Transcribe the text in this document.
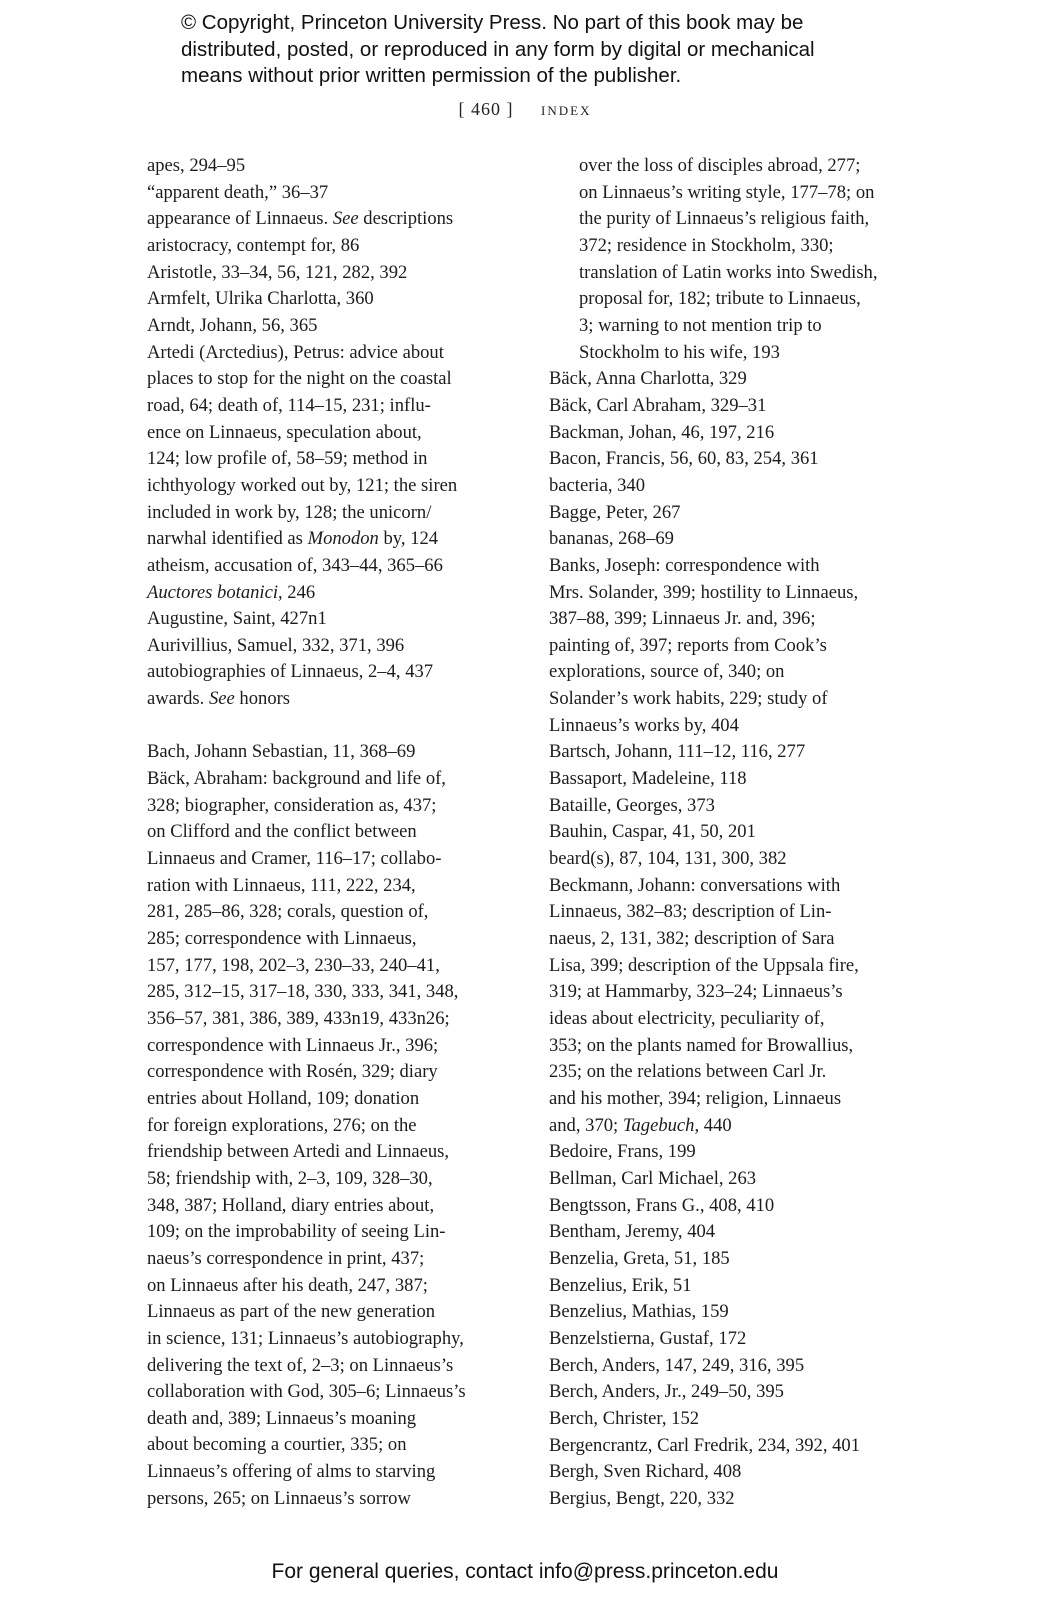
© Copyright, Princeton University Press. No part of this book may be
distributed, posted, or reproduced in any form by digital or mechanical
means without prior written permission of the publisher.
[ 460 ] index
apes, 294–95
“apparent death,” 36–37
appearance of Linnaeus. See descriptions
aristocracy, contempt for, 86
Aristotle, 33–34, 56, 121, 282, 392
Armfelt, Ulrika Charlotta, 360
Arndt, Johann, 56, 365
Artedi (Arctedius), Petrus: advice about
places to stop for the night on the coastal
road, 64; death of, 114–15, 231; influ-
ence on Linnaeus, speculation about,
124; low profile of, 58–59; method in
ichthyology worked out by, 121; the siren
included in work by, 128; the unicorn/
narwhal identified as Monodon by, 124
atheism, accusation of, 343–44, 365–66
Auctores botanici, 246
Augustine, Saint, 427n1
Aurivillius, Samuel, 332, 371, 396
autobiographies of Linnaeus, 2–4, 437
awards. See honors
Bach, Johann Sebastian, 11, 368–69
Bäck, Abraham: background and life of,
328; biographer, consideration as, 437;
on Clifford and the conflict between
Linnaeus and Cramer, 116–17; collabo-
ration with Linnaeus, 111, 222, 234,
281, 285–86, 328; corals, question of,
285; correspondence with Linnaeus,
157, 177, 198, 202–3, 230–33, 240–41,
285, 312–15, 317–18, 330, 333, 341, 348,
356–57, 381, 386, 389, 433n19, 433n26;
correspondence with Linnaeus Jr., 396;
correspondence with Rosén, 329; diary
entries about Holland, 109; donation
for foreign explorations, 276; on the
friendship between Artedi and Linnaeus,
58; friendship with, 2–3, 109, 328–30,
348, 387; Holland, diary entries about,
109; on the improbability of seeing Lin-
naeus’s correspondence in print, 437;
on Linnaeus after his death, 247, 387;
Linnaeus as part of the new generation
in science, 131; Linnaeus’s autobiography,
delivering the text of, 2–3; on Linnaeus’s
collaboration with God, 305–6; Linnaeus’s
death and, 389; Linnaeus’s moaning
about becoming a courtier, 335; on
Linnaeus’s offering of alms to starving
persons, 265; on Linnaeus’s sorrow
over the loss of disciples abroad, 277;
on Linnaeus’s writing style, 177–78; on
the purity of Linnaeus’s religious faith,
372; residence in Stockholm, 330;
translation of Latin works into Swedish,
proposal for, 182; tribute to Linnaeus,
3; warning to not mention trip to
Stockholm to his wife, 193
Bäck, Anna Charlotta, 329
Bäck, Carl Abraham, 329–31
Backman, Johan, 46, 197, 216
Bacon, Francis, 56, 60, 83, 254, 361
bacteria, 340
Bagge, Peter, 267
bananas, 268–69
Banks, Joseph: correspondence with
Mrs. Solander, 399; hostility to Linnaeus,
387–88, 399; Linnaeus Jr. and, 396;
painting of, 397; reports from Cook’s
explorations, source of, 340; on
Solander’s work habits, 229; study of
Linnaeus’s works by, 404
Bartsch, Johann, 111–12, 116, 277
Bassaport, Madeleine, 118
Bataille, Georges, 373
Bauhin, Caspar, 41, 50, 201
beard(s), 87, 104, 131, 300, 382
Beckmann, Johann: conversations with
Linnaeus, 382–83; description of Lin-
naeus, 2, 131, 382; description of Sara
Lisa, 399; description of the Uppsala fire,
319; at Hammarby, 323–24; Linnaeus’s
ideas about electricity, peculiarity of,
353; on the plants named for Browallius,
235; on the relations between Carl Jr.
and his mother, 394; religion, Linnaeus
and, 370; Tagebuch, 440
Bedoire, Frans, 199
Bellman, Carl Michael, 263
Bengtsson, Frans G., 408, 410
Bentham, Jeremy, 404
Benzelia, Greta, 51, 185
Benzelius, Erik, 51
Benzelius, Mathias, 159
Benzelstierna, Gustaf, 172
Berch, Anders, 147, 249, 316, 395
Berch, Anders, Jr., 249–50, 395
Berch, Christer, 152
Bergencrantz, Carl Fredrik, 234, 392, 401
Bergh, Sven Richard, 408
Bergius, Bengt, 220, 332
For general queries, contact info@press.princeton.edu
